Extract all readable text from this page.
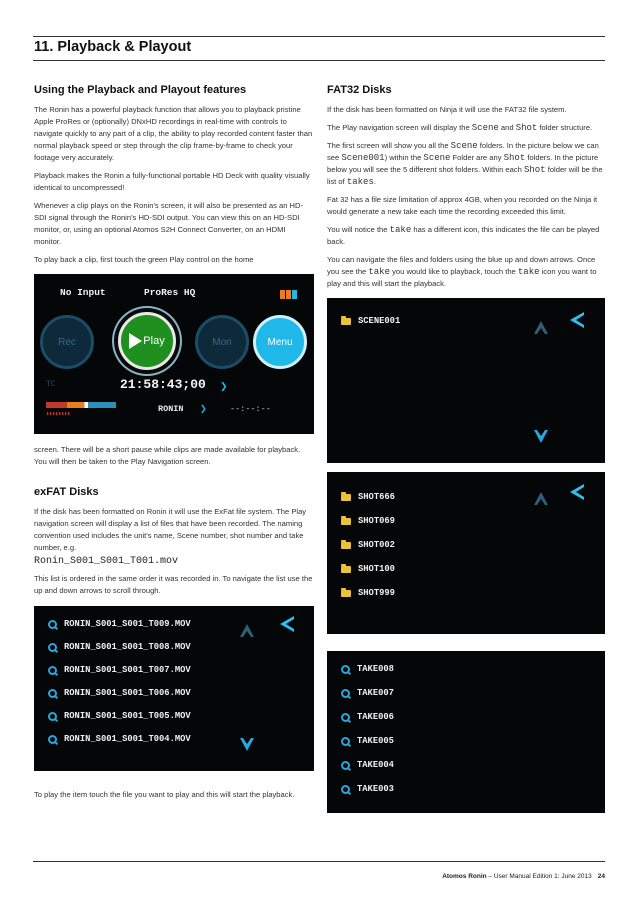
11. Playback & Playout
Using the Playback and Playout features

The Ronin has a powerful playback function that allows you to playback pristine Apple ProRes or (optionally) DNxHD recordings in real-time with controls to navigate quickly to any part of a clip, the ability to play recorded content faster than normal playback speed or step through the clip frame-by-frame to check your footage very accurately.

Playback makes the Ronin a fully-functional portable HD Deck with quality visually identical to uncompressed!

Whenever a clip plays on the Ronin's screen, it will also be presented as an HD-SDI signal through the Ronin's HD-SDI output. You can view this on an HD-SDI monitor, or, using an optional Atomos S2H Connect Converter, on an HDMI monitor.

To play back a clip, first touch the green Play control on the home

No Input	ProRes HQ
Rec	Play	Mon	Menu
TC	21:58:43;00 ❯
▮▮▮▮▮▮▮▮	RONIN ❯	--:--:--

screen. There will be a short pause while clips are made available for playback. You will then be taken to the Play Navigation screen.

exFAT Disks

If the disk has been formatted on Ronin it will use the ExFat file system. The Play navigation screen will display a list of files that have been recorded. The naming convention used includes the unit's name, Scene number, shot number and take number, e.g.

Ronin_S001_S001_T001.mov

This list is ordered in the same order it was recorded in. To navigate the list use the up and down arrows to scroll through.

RONIN_S001_S001_T009.MOV
RONIN_S001_S001_T008.MOV
RONIN_S001_S001_T007.MOV
RONIN_S001_S001_T006.MOV
RONIN_S001_S001_T005.MOV
RONIN_S001_S001_T004.MOV

To play the item touch the file you want to play and this will start the playback.

FAT32 Disks

If the disk has been formatted on Ninja it will use the FAT32 file system.

The Play navigation screen will display the Scene and Shot folder structure.

The first screen will show you all the Scene folders. In the picture below we can see Scene001) within the Scene Folder are any Shot folders. In the picture below you will see the 5 different shot folders. Within each Shot folder will be the list of takes.

Fat 32 has a file size limitation of approx 4GB, when you recorded on the Ninja it would generate a new take each time the recording exceeded this limit.

You will notice the take has a different icon, this indicates the file can be played back.

You can navigate the files and folders using the blue up and down arrows. Once you see the take you would like to playback, touch the take icon you want to play and this will start the playback.

SCENE001
SHOT666
SHOT069
SHOT002
SHOT100
SHOT999
TAKE008
TAKE007
TAKE006
TAKE005
TAKE004
TAKE003
Atomos Ronin – User Manual Edition 1: June 2013 24
